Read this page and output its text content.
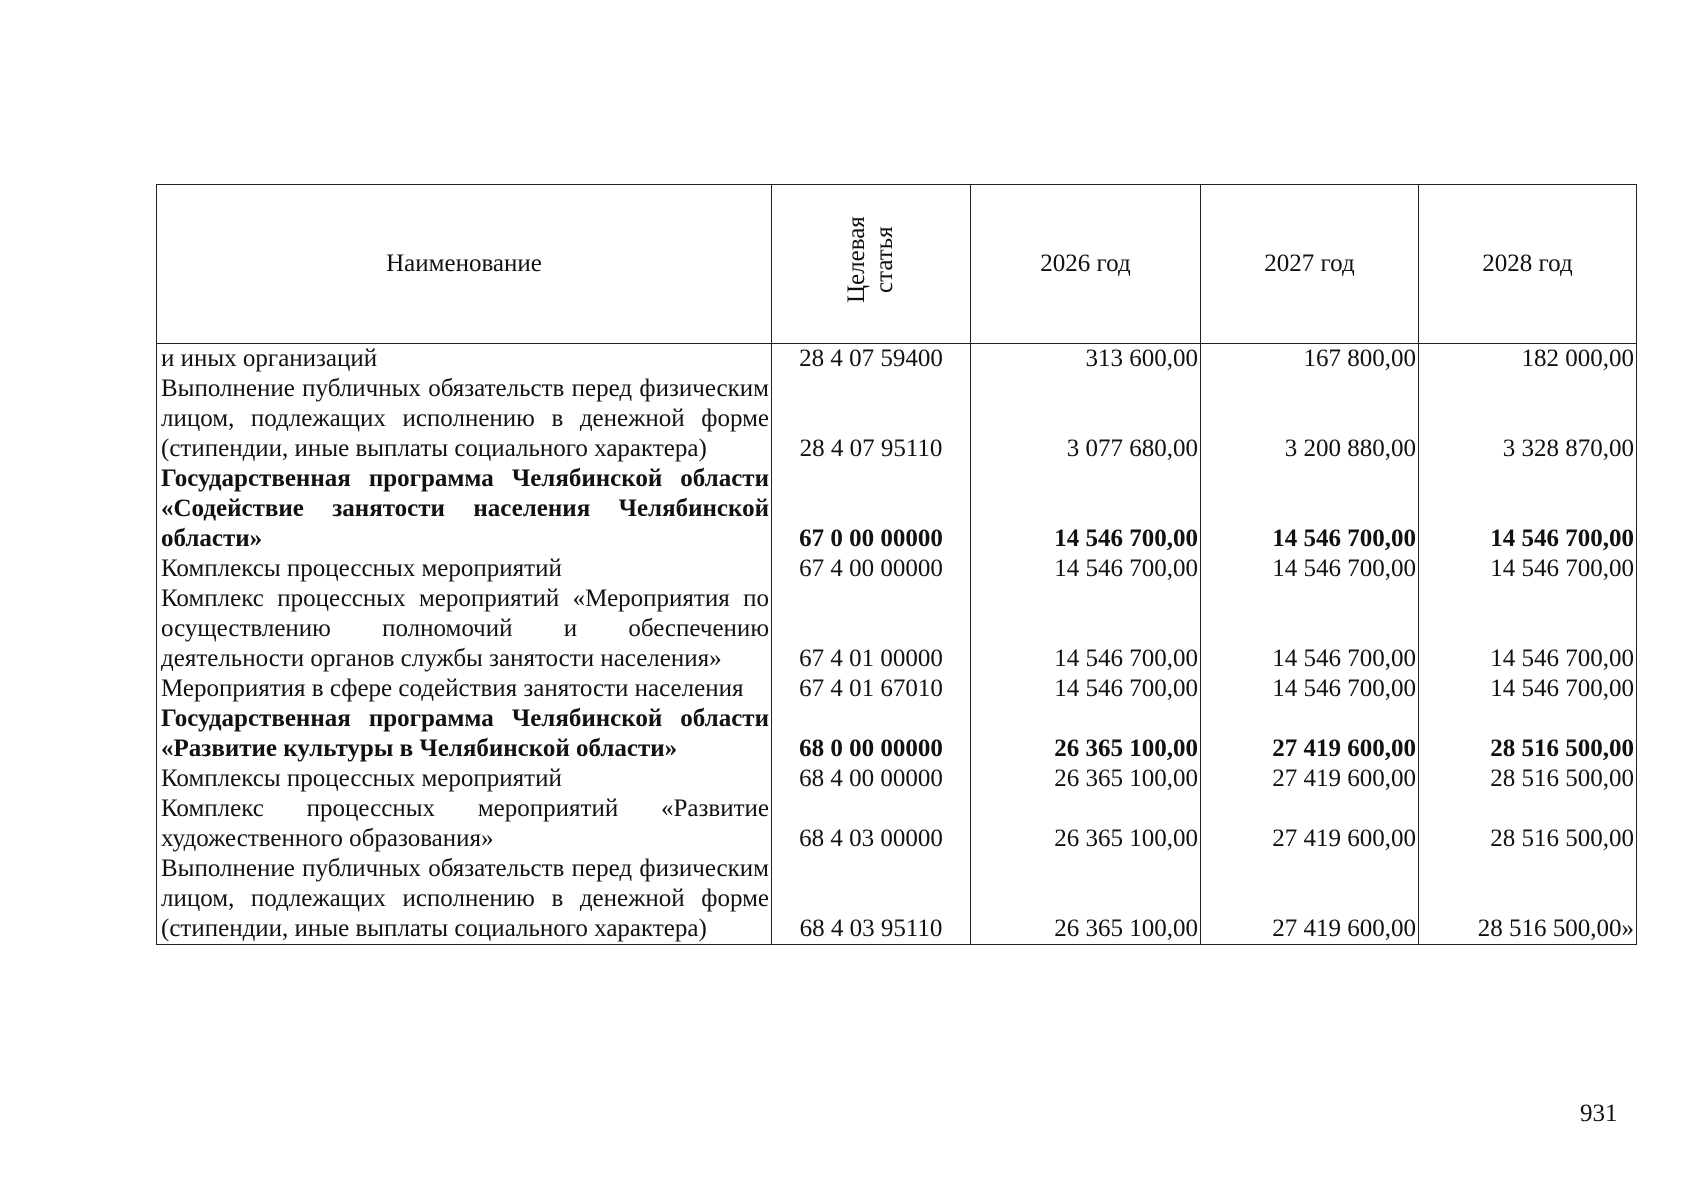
Наименование	Целевая статья	2026 год	2027 год	2028 год
и иных организаций	28 4 07 59400	313 600,00	167 800,00	182 000,00
Выполнение публичных обязательств перед физическим лицом, подлежащих исполнению в денежной форме (стипендии, иные выплаты социального характера)	28 4 07 95110	3 077 680,00	3 200 880,00	3 328 870,00
Государственная программа Челябинской области «Содействие занятости населения Челябинской области»	67 0 00 00000	14 546 700,00	14 546 700,00	14 546 700,00
Комплексы процессных мероприятий	67 4 00 00000	14 546 700,00	14 546 700,00	14 546 700,00
Комплекс процессных мероприятий «Мероприятия по осуществлению полномочий и обеспечению деятельности органов службы занятости населения»	67 4 01 00000	14 546 700,00	14 546 700,00	14 546 700,00
Мероприятия в сфере содействия занятости населения	67 4 01 67010	14 546 700,00	14 546 700,00	14 546 700,00
Государственная программа Челябинской области «Развитие культуры в Челябинской области»	68 0 00 00000	26 365 100,00	27 419 600,00	28 516 500,00
Комплексы процессных мероприятий	68 4 00 00000	26 365 100,00	27 419 600,00	28 516 500,00
Комплекс процессных мероприятий «Развитие художественного образования»	68 4 03 00000	26 365 100,00	27 419 600,00	28 516 500,00
Выполнение публичных обязательств перед физическим лицом, подлежащих исполнению в денежной форме (стипендии, иные выплаты социального характера)	68 4 03 95110	26 365 100,00	27 419 600,00	28 516 500,00»
931
